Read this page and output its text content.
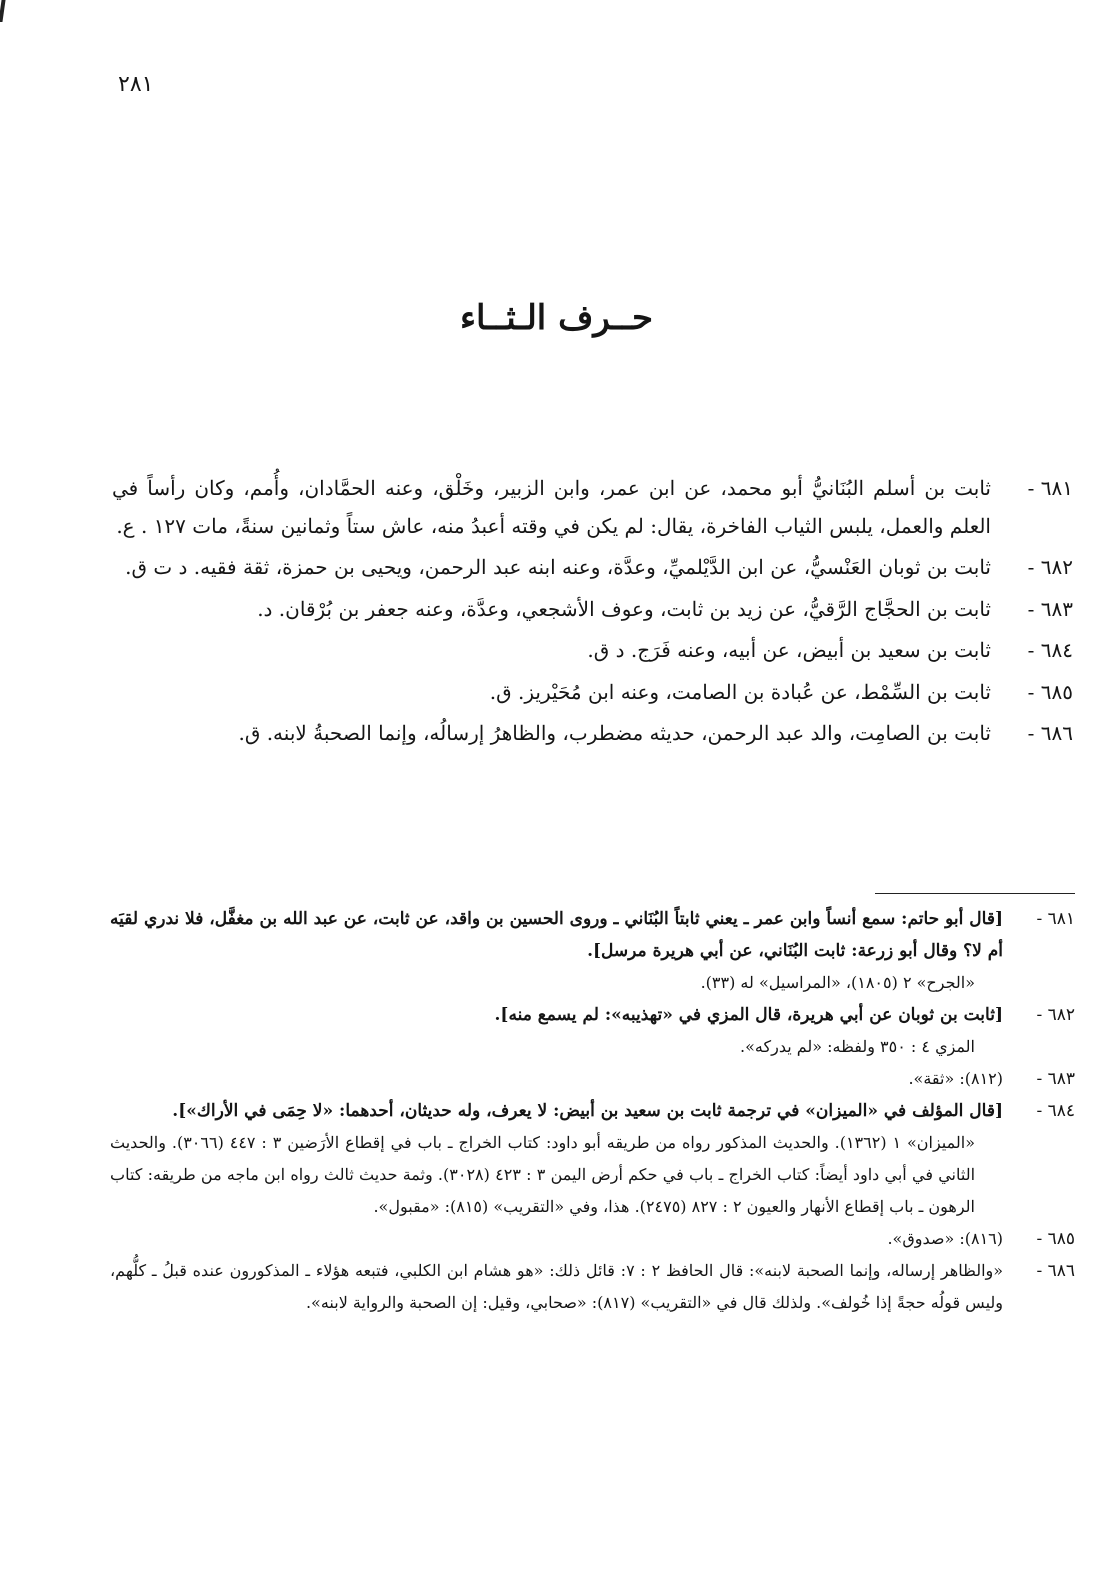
٢٨١
حــرف الـثــاء
٦٨١ -
ثابت بن أسلم البُنَانيُّ أبو محمد، عن ابن عمر، وابن الزبير، وخَلْق، وعنه الحمَّادان، وأُمم، وكان رأساً في العلم والعمل، يلبس الثياب الفاخرة، يقال: لم يكن في وقته أعبدُ منه، عاش ستاً وثمانين سنةً، مات ١٢٧ . ع.
٦٨٢ -
ثابت بن ثوبان العَنْسيُّ، عن ابن الدَّيْلميِّ، وعدَّة، وعنه ابنه عبد الرحمن، ويحيى بن حمزة، ثقة فقيه. د ت ق.
٦٨٣ -
ثابت بن الحجَّاج الرَّقيُّ، عن زيد بن ثابت، وعوف الأشجعي، وعدَّة، وعنه جعفر بن بُرْقان. د.
٦٨٤ -
ثابت بن سعيد بن أبيض، عن أبيه، وعنه فَرَج. د ق.
٦٨٥ -
ثابت بن السِّمْط، عن عُبادة بن الصامت، وعنه ابن مُحَيْريز. ق.
٦٨٦ -
ثابت بن الصامِت، والد عبد الرحمن، حديثه مضطرب، والظاهرُ إرسالُه، وإنما الصحبةُ لابنه. ق.
٦٨١ -
[قال أبو حاتم: سمع أنساً وابن عمر ـ يعني ثابتاً البُنَاني ـ وروى الحسين بن واقد، عن ثابت، عن عبد الله بن مغفَّل، فلا ندري لقيَه أم لا؟ وقال أبو زرعة: ثابت البُنَاني، عن أبي هريرة مرسل].
«الجرح» ٢ (١٨٠٥)، «المراسيل» له (٣٣).
٦٨٢ -
[ثابت بن ثوبان عن أبي هريرة، قال المزي في «تهذيبه»: لم يسمع منه].
المزي ٤ : ٣٥٠ ولفظه: «لم يدركه».
٦٨٣ -
(٨١٢): «ثقة».
٦٨٤ -
[قال المؤلف في «الميزان» في ترجمة ثابت بن سعيد بن أبيض: لا يعرف، وله حديثان، أحدهما: «لا حِمَى في الأراك»].
«الميزان» ١ (١٣٦٢). والحديث المذكور رواه من طريقه أبو داود: كتاب الخراج ـ باب في إقطاع الأرَضين ٣ : ٤٤٧ (٣٠٦٦). والحديث الثاني في أبي داود أيضاً: كتاب الخراج ـ باب في حكم أرض اليمن ٣ : ٤٢٣ (٣٠٢٨). وثمة حديث ثالث رواه ابن ماجه من طريقه: كتاب الرهون ـ باب إقطاع الأنهار والعيون ٢ : ٨٢٧ (٢٤٧٥). هذا، وفي «التقريب» (٨١٥): «مقبول».
٦٨٥ -
(٨١٦): «صدوق».
٦٨٦ -
«والظاهر إرساله، وإنما الصحبة لابنه»: قال الحافظ ٢ : ٧: قائل ذلك: «هو هشام ابن الكلبي، فتبعه هؤلاء ـ المذكورون عنده قبلُ ـ كلُّهم، وليس قولُه حجةً إذا خُولف». ولذلك قال في «التقريب» (٨١٧): «صحابي، وقيل: إن الصحبة والرواية لابنه».
